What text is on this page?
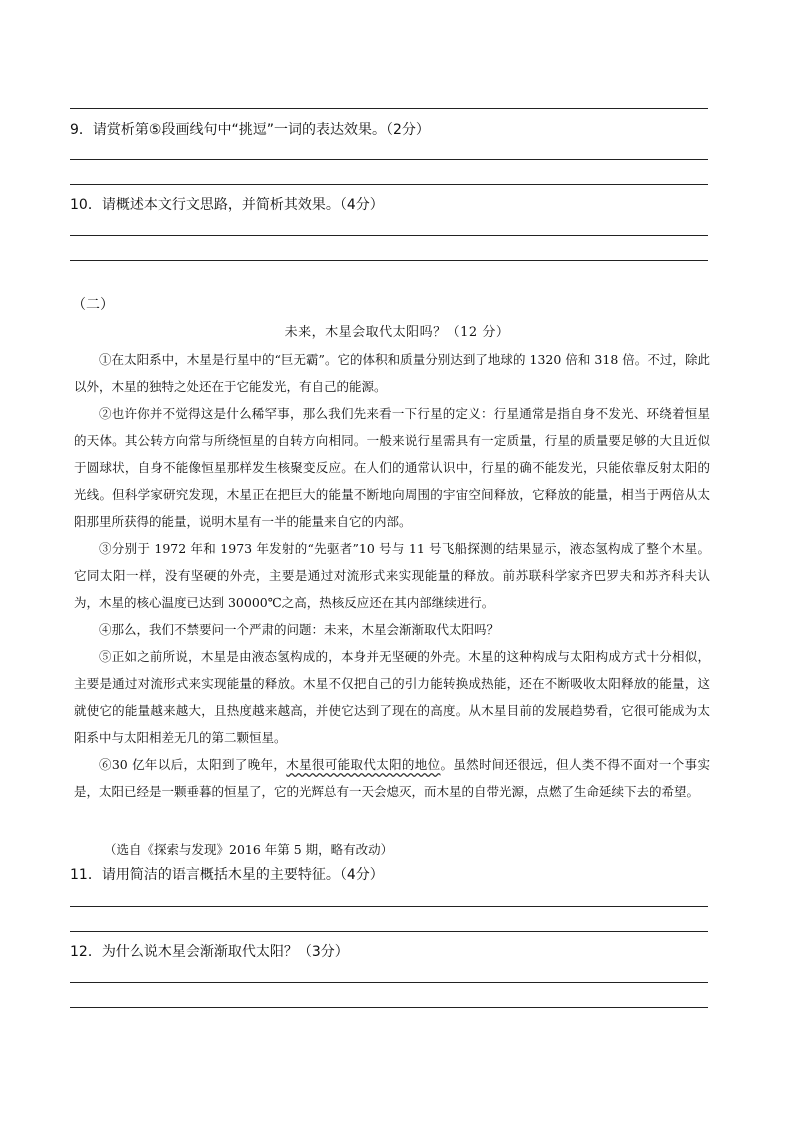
9．请赏析第⑤段画线句中“挑逗”一词的表达效果。（2分）
10．请概述本文行文思路，并简析其效果。（4分）
（二）
未来，木星会取代太阳吗？（12 分）

①在太阳系中，木星是行星中的“巨无霸”。它的体积和质量分别达到了地球的 1320 倍和 318 倍。不过，除此以外，木星的独特之处还在于它能发光，有自己的能源。

②也许你并不觉得这是什么稀罕事，那么我们先来看一下行星的定义：行星通常是指自身不发光、环绕着恒星的天体。其公转方向常与所绕恒星的自转方向相同。一般来说行星需具有一定质量，行星的质量要足够的大且近似于圆球状，自身不能像恒星那样发生核聚变反应。在人们的通常认识中，行星的确不能发光，只能依靠反射太阳的光线。但科学家研究发现，木星正在把巨大的能量不断地向周围的宇宙空间释放，它释放的能量，相当于两倍从太阳那里所获得的能量，说明木星有一半的能量来自它的内部。

③分别于 1972 年和 1973 年发射的“先驱者”10 号与 11 号飞船探测的结果显示，液态氢构成了整个木星。它同太阳一样，没有坚硬的外壳，主要是通过对流形式来实现能量的释放。前苏联科学家齐巴罗夫和苏齐科夫认为，木星的核心温度已达到 30000℃之高，热核反应还在其内部继续进行。

④那么，我们不禁要问一个严肃的问题：未来，木星会渐渐取代太阳吗？

⑤正如之前所说，木星是由液态氢构成的，本身并无坚硬的外壳。木星的这种构成与太阳构成方式十分相似，主要是通过对流形式来实现能量的释放。木星不仅把自己的引力能转换成热能，还在不断吸收太阳释放的能量，这就使它的能量越来越大，且热度越来越高，并使它达到了现在的高度。从木星目前的发展趋势看，它很可能成为太阳系中与太阳相差无几的第二颗恒星。

⑥30 亿年以后，太阳到了晚年，木星很可能取代太阳的地位。虽然时间还很远，但人类不得不面对一个事实是，太阳已经是一颗垂暮的恒星了，它的光辉总有一天会熄灭，而木星的自带光源，点燃了生命延续下去的希望。

（选自《探索与发现》2016 年第 5 期，略有改动）
11．请用简洁的语言概括木星的主要特征。（4分）
12．为什么说木星会渐渐取代太阳？（3分）
